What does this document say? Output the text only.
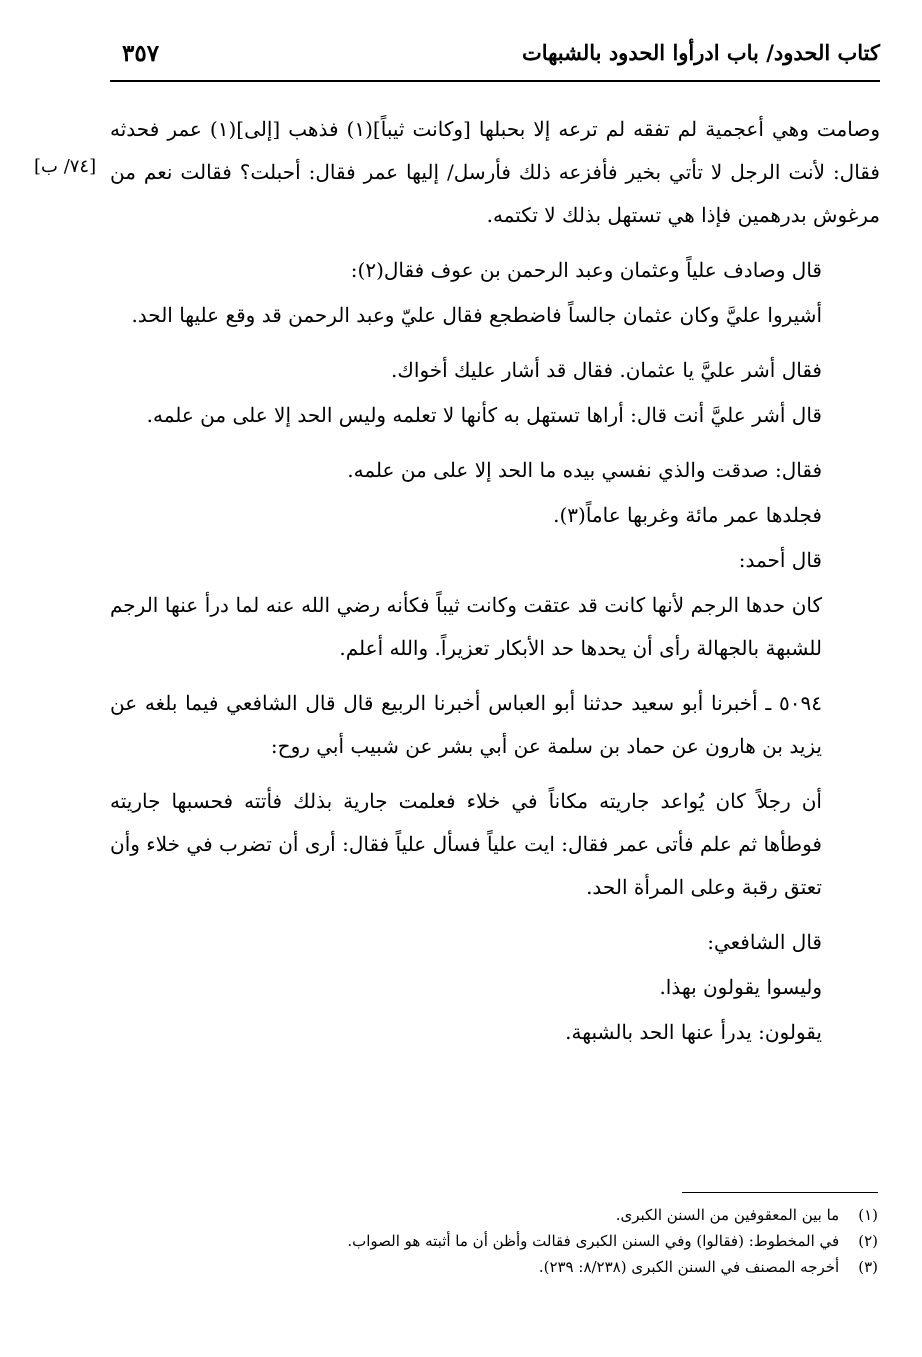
كتاب الحدود/ باب ادرأوا الحدود بالشبهات
٣٥٧
[٧٤/ ب]

وصامت وهي أعجمية لم تفقه لم ترعه إلا بحبلها [وكانت ثيباً](١) فذهب [إلى](١) عمر فحدثه فقال: لأنت الرجل لا تأتي بخير فأفزعه ذلك فأرسل/ إليها عمر فقال: أحبلت؟ فقالت نعم من مرغوش بدرهمين فإذا هي تستهل بذلك لا تكتمه.

قال وصادف علياً وعثمان وعبد الرحمن بن عوف فقال(٢):

أشيروا عليَّ وكان عثمان جالساً فاضطجع فقال عليّ وعبد الرحمن قد وقع عليها الحد.

فقال أشر عليَّ يا عثمان. فقال قد أشار عليك أخواك.

قال أشر عليَّ أنت قال: أراها تستهل به كأنها لا تعلمه وليس الحد إلا على من علمه.

فقال: صدقت والذي نفسي بيده ما الحد إلا على من علمه.

فجلدها عمر مائة وغربها عاماً(٣).

قال أحمد:

كان حدها الرجم لأنها كانت قد عتقت وكانت ثيباً فكأنه رضي الله عنه لما درأ عنها الرجم للشبهة بالجهالة رأى أن يحدها حد الأبكار تعزيراً. والله أعلم.

٥٠٩٤ ـ أخبرنا أبو سعيد حدثنا أبو العباس أخبرنا الربيع قال قال الشافعي فيما بلغه عن يزيد بن هارون عن حماد بن سلمة عن أبي بشر عن شبيب أبي روح:

أن رجلاً كان يُواعد جاريته مكاناً في خلاء فعلمت جارية بذلك فأتته فحسبها جاريته فوطأها ثم علم فأتى عمر فقال: ايت علياً فسأل علياً فقال: أرى أن تضرب في خلاء وأن تعتق رقبة وعلى المرأة الحد.

قال الشافعي:

وليسوا يقولون بهذا.

يقولون: يدرأ عنها الحد بالشبهة.

(١) ما بين المعقوفين من السنن الكبرى.
(٢) في المخطوط: (فقالوا) وفي السنن الكبرى فقالت وأظن أن ما أثبته هو الصواب.
(٣) أخرجه المصنف في السنن الكبرى (٨/٢٣٨: ٢٣٩).
